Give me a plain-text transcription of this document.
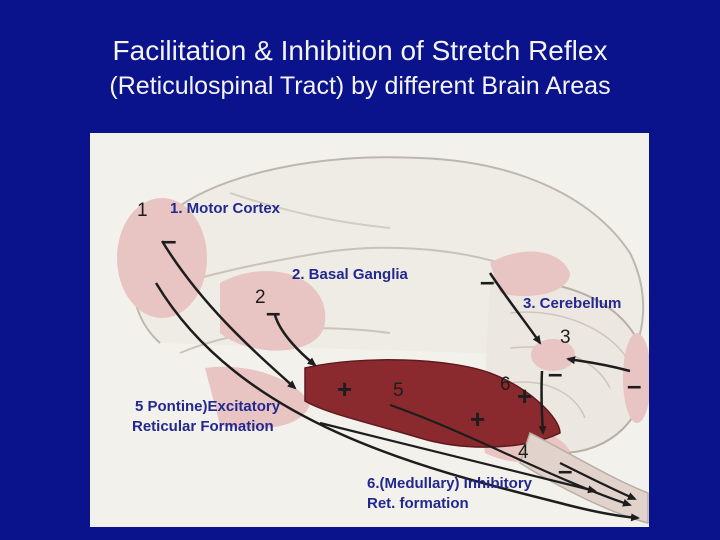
Facilitation & Inhibition of Stretch Reflex
(Reticulospinal Tract) by different Brain Areas
1
2
3
4
5	6
–
–
–
– –
–
+
+
+
1. Motor Cortex
2. Basal Ganglia
3. Cerebellum
5 Pontine)Excitatory
Reticular Formation
6.(Medullary) Inhibitory
Ret. formation
